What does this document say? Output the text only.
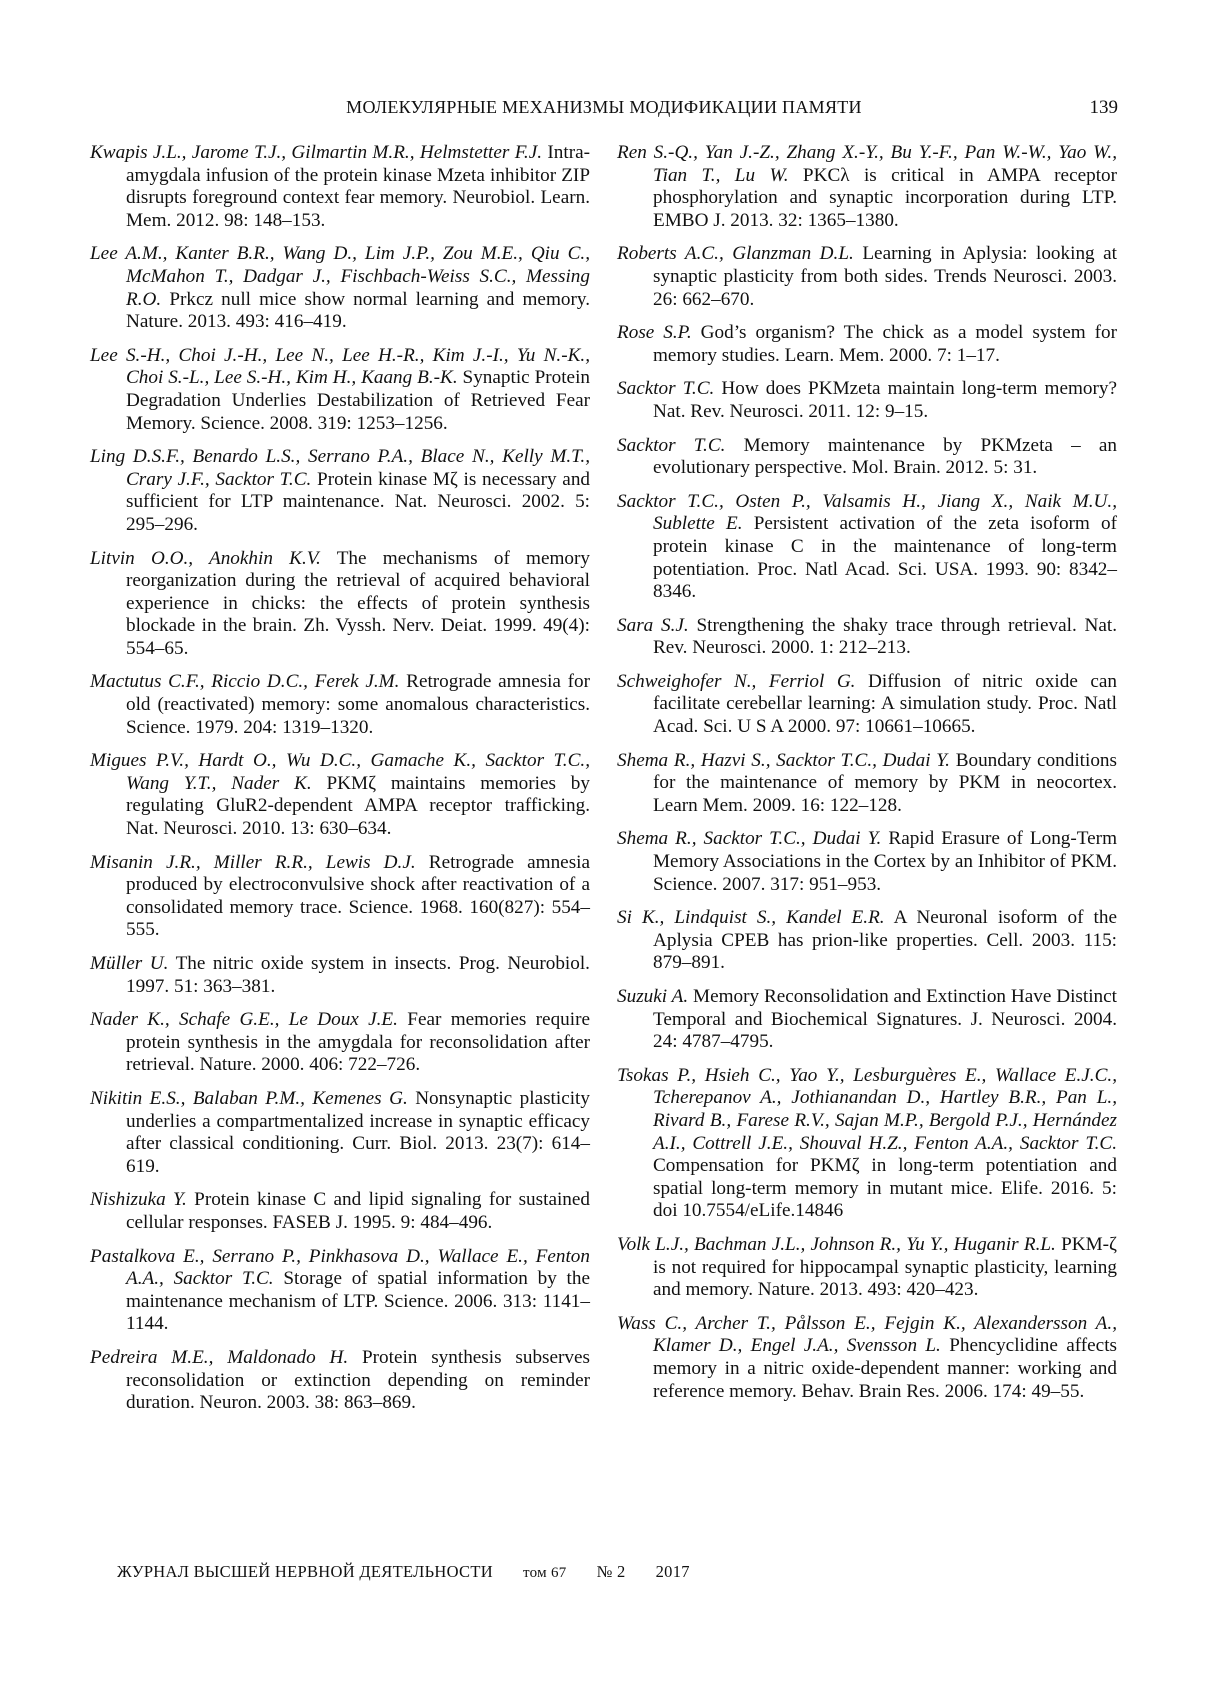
МОЛЕКУЛЯРНЫЕ МЕХАНИЗМЫ МОДИФИКАЦИИ ПАМЯТИ	139

Kwapis J.L., Jarome T.J., Gilmartin M.R., Helmstetter F.J. Intra-amygdala infusion of the protein kinase Mzeta inhibitor ZIP disrupts foreground context fear memory. Neurobiol. Learn. Mem. 2012. 98: 148–153.

Lee A.M., Kanter B.R., Wang D., Lim J.P., Zou M.E., Qiu C., McMahon T., Dadgar J., Fischbach-Weiss S.C., Messing R.O. Prkcz null mice show normal learning and memory. Nature. 2013. 493: 416–419.

Lee S.-H., Choi J.-H., Lee N., Lee H.-R., Kim J.-I., Yu N.-K., Choi S.-L., Lee S.-H., Kim H., Kaang B.-K. Synaptic Protein Degradation Underlies Destabilization of Retrieved Fear Memory. Science. 2008. 319: 1253–1256.

Ling D.S.F., Benardo L.S., Serrano P.A., Blace N., Kelly M.T., Crary J.F., Sacktor T.C. Protein kinase Mζ is necessary and sufficient for LTP maintenance. Nat. Neurosci. 2002. 5: 295–296.

Litvin O.O., Anokhin K.V. The mechanisms of memory reorganization during the retrieval of acquired behavioral experience in chicks: the effects of protein synthesis blockade in the brain. Zh. Vyssh. Nerv. Deiat. 1999. 49(4): 554–65.

Mactutus C.F., Riccio D.C., Ferek J.M. Retrograde amnesia for old (reactivated) memory: some anomalous characteristics. Science. 1979. 204: 1319–1320.

Migues P.V., Hardt O., Wu D.C., Gamache K., Sacktor T.C., Wang Y.T., Nader K. PKMζ maintains memories by regulating GluR2-dependent AMPA receptor trafficking. Nat. Neurosci. 2010. 13: 630–634.

Misanin J.R., Miller R.R., Lewis D.J. Retrograde amnesia produced by electroconvulsive shock after reactivation of a consolidated memory trace. Science. 1968. 160(827): 554–555.

Müller U. The nitric oxide system in insects. Prog. Neurobiol. 1997. 51: 363–381.

Nader K., Schafe G.E., Le Doux J.E. Fear memories require protein synthesis in the amygdala for reconsolidation after retrieval. Nature. 2000. 406: 722–726.

Nikitin E.S., Balaban P.M., Kemenes G. Nonsynaptic plasticity underlies a compartmentalized increase in synaptic efficacy after classical conditioning. Curr. Biol. 2013. 23(7): 614–619.

Nishizuka Y. Protein kinase C and lipid signaling for sustained cellular responses. FASEB J. 1995. 9: 484–496.

Pastalkova E., Serrano P., Pinkhasova D., Wallace E., Fenton A.A., Sacktor T.C. Storage of spatial information by the maintenance mechanism of LTP. Science. 2006. 313: 1141–1144.

Pedreira M.E., Maldonado H. Protein synthesis subserves reconsolidation or extinction depending on reminder duration. Neuron. 2003. 38: 863–869.

Ren S.-Q., Yan J.-Z., Zhang X.-Y., Bu Y.-F., Pan W.-W., Yao W., Tian T., Lu W. PKCλ is critical in AMPA receptor phosphorylation and synaptic incorporation during LTP. EMBO J. 2013. 32: 1365–1380.

Roberts A.C., Glanzman D.L. Learning in Aplysia: looking at synaptic plasticity from both sides. Trends Neurosci. 2003. 26: 662–670.

Rose S.P. God’s organism? The chick as a model system for memory studies. Learn. Mem. 2000. 7: 1–17.

Sacktor T.C. How does PKMzeta maintain long-term memory? Nat. Rev. Neurosci. 2011. 12: 9–15.

Sacktor T.C. Memory maintenance by PKMzeta – an evolutionary perspective. Mol. Brain. 2012. 5: 31.

Sacktor T.C., Osten P., Valsamis H., Jiang X., Naik M.U., Sublette E. Persistent activation of the zeta isoform of protein kinase C in the maintenance of long-term potentiation. Proc. Natl Acad. Sci. USA. 1993. 90: 8342–8346.

Sara S.J. Strengthening the shaky trace through retrieval. Nat. Rev. Neurosci. 2000. 1: 212–213.

Schweighofer N., Ferriol G. Diffusion of nitric oxide can facilitate cerebellar learning: A simulation study. Proc. Natl Acad. Sci. U S A 2000. 97: 10661–10665.

Shema R., Hazvi S., Sacktor T.C., Dudai Y. Boundary conditions for the maintenance of memory by PKM in neocortex. Learn Mem. 2009. 16: 122–128.

Shema R., Sacktor T.C., Dudai Y. Rapid Erasure of Long-Term Memory Associations in the Cortex by an Inhibitor of PKM. Science. 2007. 317: 951–953.

Si K., Lindquist S., Kandel E.R. A Neuronal isoform of the Aplysia CPEB has prion-like properties. Cell. 2003. 115: 879–891.

Suzuki A. Memory Reconsolidation and Extinction Have Distinct Temporal and Biochemical Signatures. J. Neurosci. 2004. 24: 4787–4795.

Tsokas P., Hsieh C., Yao Y., Lesburguères E., Wallace E.J.C., Tcherepanov A., Jothianandan D., Hartley B.R., Pan L., Rivard B., Farese R.V., Sajan M.P., Bergold P.J., Hernández A.I., Cottrell J.E., Shouval H.Z., Fenton A.A., Sacktor T.C. Compensation for PKMζ in long-term potentiation and spatial long-term memory in mutant mice. Elife. 2016. 5: doi 10.7554/eLife.14846

Volk L.J., Bachman J.L., Johnson R., Yu Y., Huganir R.L. PKM-ζ is not required for hippocampal synaptic plasticity, learning and memory. Nature. 2013. 493: 420–423.

Wass C., Archer T., Pålsson E., Fejgin K., Alexandersson A., Klamer D., Engel J.A., Svensson L. Phencyclidine affects memory in a nitric oxide-dependent manner: working and reference memory. Behav. Brain Res. 2006. 174: 49–55.

ЖУРНАЛ ВЫСШЕЙ НЕРВНОЙ ДЕЯТЕЛЬНОСТИ том 67 № 2 2017
